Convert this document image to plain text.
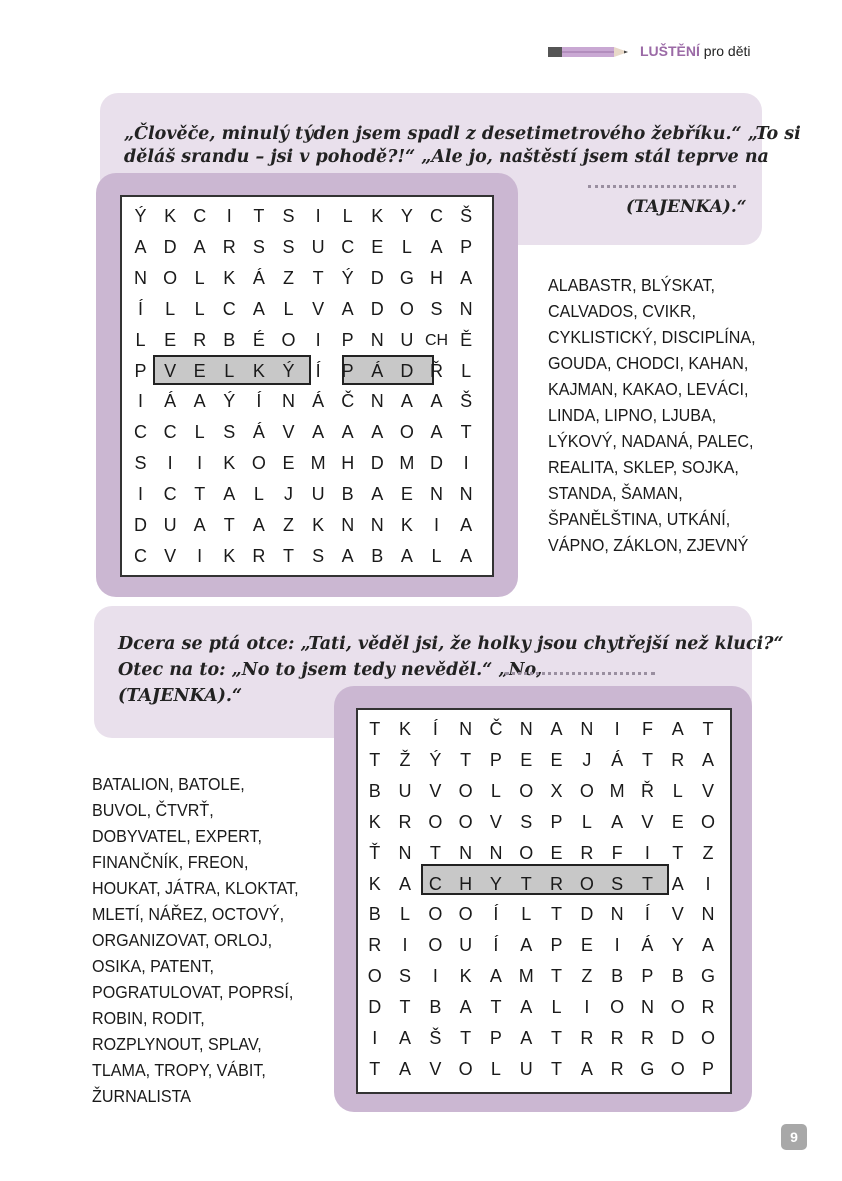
LUŠTĚNÍ pro děti
„Člověče, minulý týden jsem spadl z desetimetrového žebříku.“ „To si
děláš srandu – jsi v pohodě?!“ „Ale jo, naštěstí jsem stál teprve na
(TAJENKA).“
Ý K C	I	T	S	I	L	K Y C Š
A D A R S S U C E	L	A P
N O L	K Á	Z	T	Ý D G H A
Í	L	L	C A	L	V A D O S N
L	E R B É O	I	P N U CH Ě
P V E	L	K Ý	Í	P Á D Ř	L
I	Á A Ý	Í	N Á Č N A A Š
C C	L	S Á V A A A O A	T
S	I	I	K O E M H D M D	I
I	C T	A	L	J	U B A E N N
D U A	T	A	Z	K N N K	I	A
C V	I	K R T	S A B A	L	A
ALABASTR, BLÝSKAT,
CALVADOS, CVIKR,
CYKLISTICKÝ, DISCIPLÍNA,
GOUDA, CHODCI, KAHAN,
KAJMAN, KAKAO, LEVÁCI,
LINDA, LIPNO, LJUBA,
LÝKOVÝ, NADANÁ, PALEC,
REALITA, SKLEP, SOJKA,
STANDA, ŠAMAN,
ŠPANĚLŠTINA, UTKÁNÍ,
VÁPNO, ZÁKLON, ZJEVNÝ
Dcera se ptá otce: „Tati, věděl jsi, že holky jsou chytřejší než kluci?“
Otec na to: „No to jsem tedy nevěděl.“ „No,
(TAJENKA).“
T	K	Í	N Č N A N	I	F	A	T
T	Ž	Ý	T	P	E	E	J	Á	T	R A
B U V O	L	O X O M Ř	L	V
K R O O V	S	P	L	A	V	E O
Ť	N	T	N N O E R	F	I	T	Z
K	A C H Y	T	R O S	T	A	I
B	L	O O	Í	L	T	D N	Í	V N
R	I	O U	Í	A	P	E	I	Á	Y	A
O S	I	K	A M T	Z	B	P	B G
D	T	B	A	T	A	L	I	O N O R
I	A	Š	T	P	A	T	R R R D O
T	A	V O	L	U	T	A R G O P
BATALION, BATOLE,
BUVOL, ČTVRŤ,
DOBYVATEL, EXPERT,
FINANČNÍK, FREON,
HOUKAT, JÁTRA, KLOKTAT,
MLETÍ, NÁŘEZ, OCTOVÝ,
ORGANIZOVAT, ORLOJ,
OSIKA, PATENT,
POGRATULOVAT, POPRSÍ,
ROBIN, RODIT,
ROZPLYNOUT, SPLAV,
TLAMA, TROPY, VÁBIT,
ŽURNALISTA
9
